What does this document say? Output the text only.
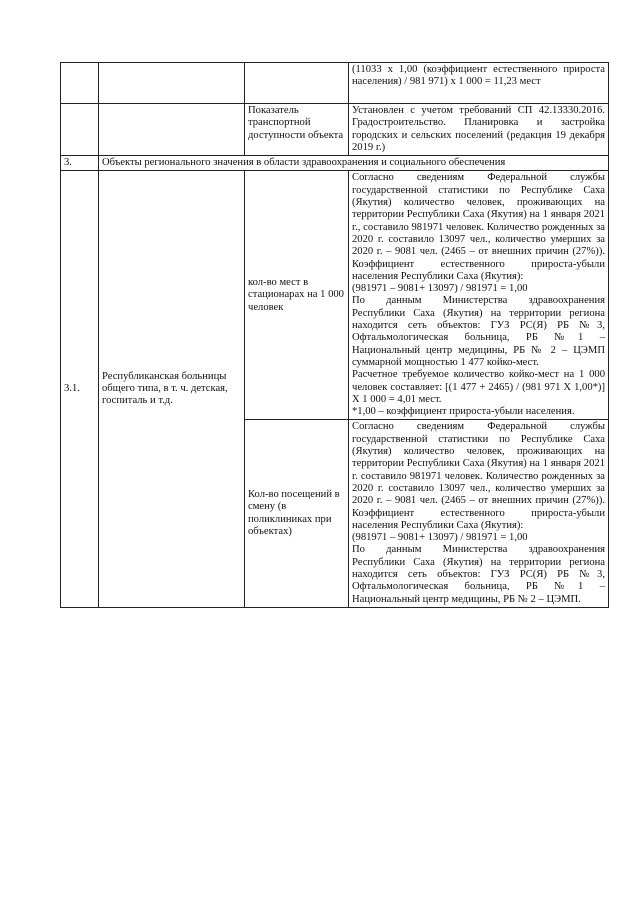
			(11033 х 1,00 (коэффициент естественного прироста населения) / 981 971) х 1 000 = 11,23 мест
		Показатель транспортной доступности объекта	Установлен с учетом требований СП 42.13330.2016. Градостроительство. Планировка и застройка городских и сельских поселений (редакция 19 декабря 2019 г.)
3.	Объекты регионального значения в области здравоохранения и социального обеспечения		
3.1.	Республиканская больницы общего типа, в т. ч. детская, госпиталь и т.д.	кол-во мест в стационарах на 1 000 человек	Согласно сведениям Федеральной службы государственной статистики по Республике Саха (Якутия) количество человек, проживающих на территории Республики Саха (Якутия) на 1 января 2021 г., составило 981971 человек. Количество рожденных за 2020 г. составило 13097 чел., количество умерших за 2020 г. – 9081 чел. (2465 – от внешних причин (27%)). Коэффициент естественного прироста-убыли населения Республики Саха (Якутия):

(981971 – 9081+ 13097) / 981971 = 1,00

По данным Министерства здравоохранения Республики Саха (Якутия) на территории региона находится сеть объектов: ГУЗ РС(Я) РБ №3, Офтальмологическая больница, РБ №1 – Национальный центр медицины, РБ № 2 – ЦЭМП суммарной мощностью 1 477 койко-мест.

Расчетное требуемое количество койко-мест на 1 000 человек составляет: [(1 477 + 2465) / (981 971 Х 1,00*)] Х 1 000 = 4,01 мест.

*1,00 – коэффициент прироста-убыли населения.

		Кол-во посещений в смену (в поликлиниках при объектах)	Согласно сведениям Федеральной службы государственной статистики по Республике Саха (Якутия) количество человек, проживающих на территории Республики Саха (Якутия) на 1 января 2021 г. составило 981971 человек. Количество рожденных за 2020 г. составило 13097 чел., количество умерших за 2020 г. – 9081 чел. (2465 – от внешних причин (27%)). Коэффициент естественного прироста-убыли населения Республики Саха (Якутия):

(981971 – 9081+ 13097) / 981971 = 1,00

По данным Министерства здравоохранения Республики Саха (Якутия) на территории региона находится сеть объектов: ГУЗ РС(Я) РБ №3, Офтальмологическая больница, РБ №1 – Национальный центр медицины, РБ № 2 – ЦЭМП.
